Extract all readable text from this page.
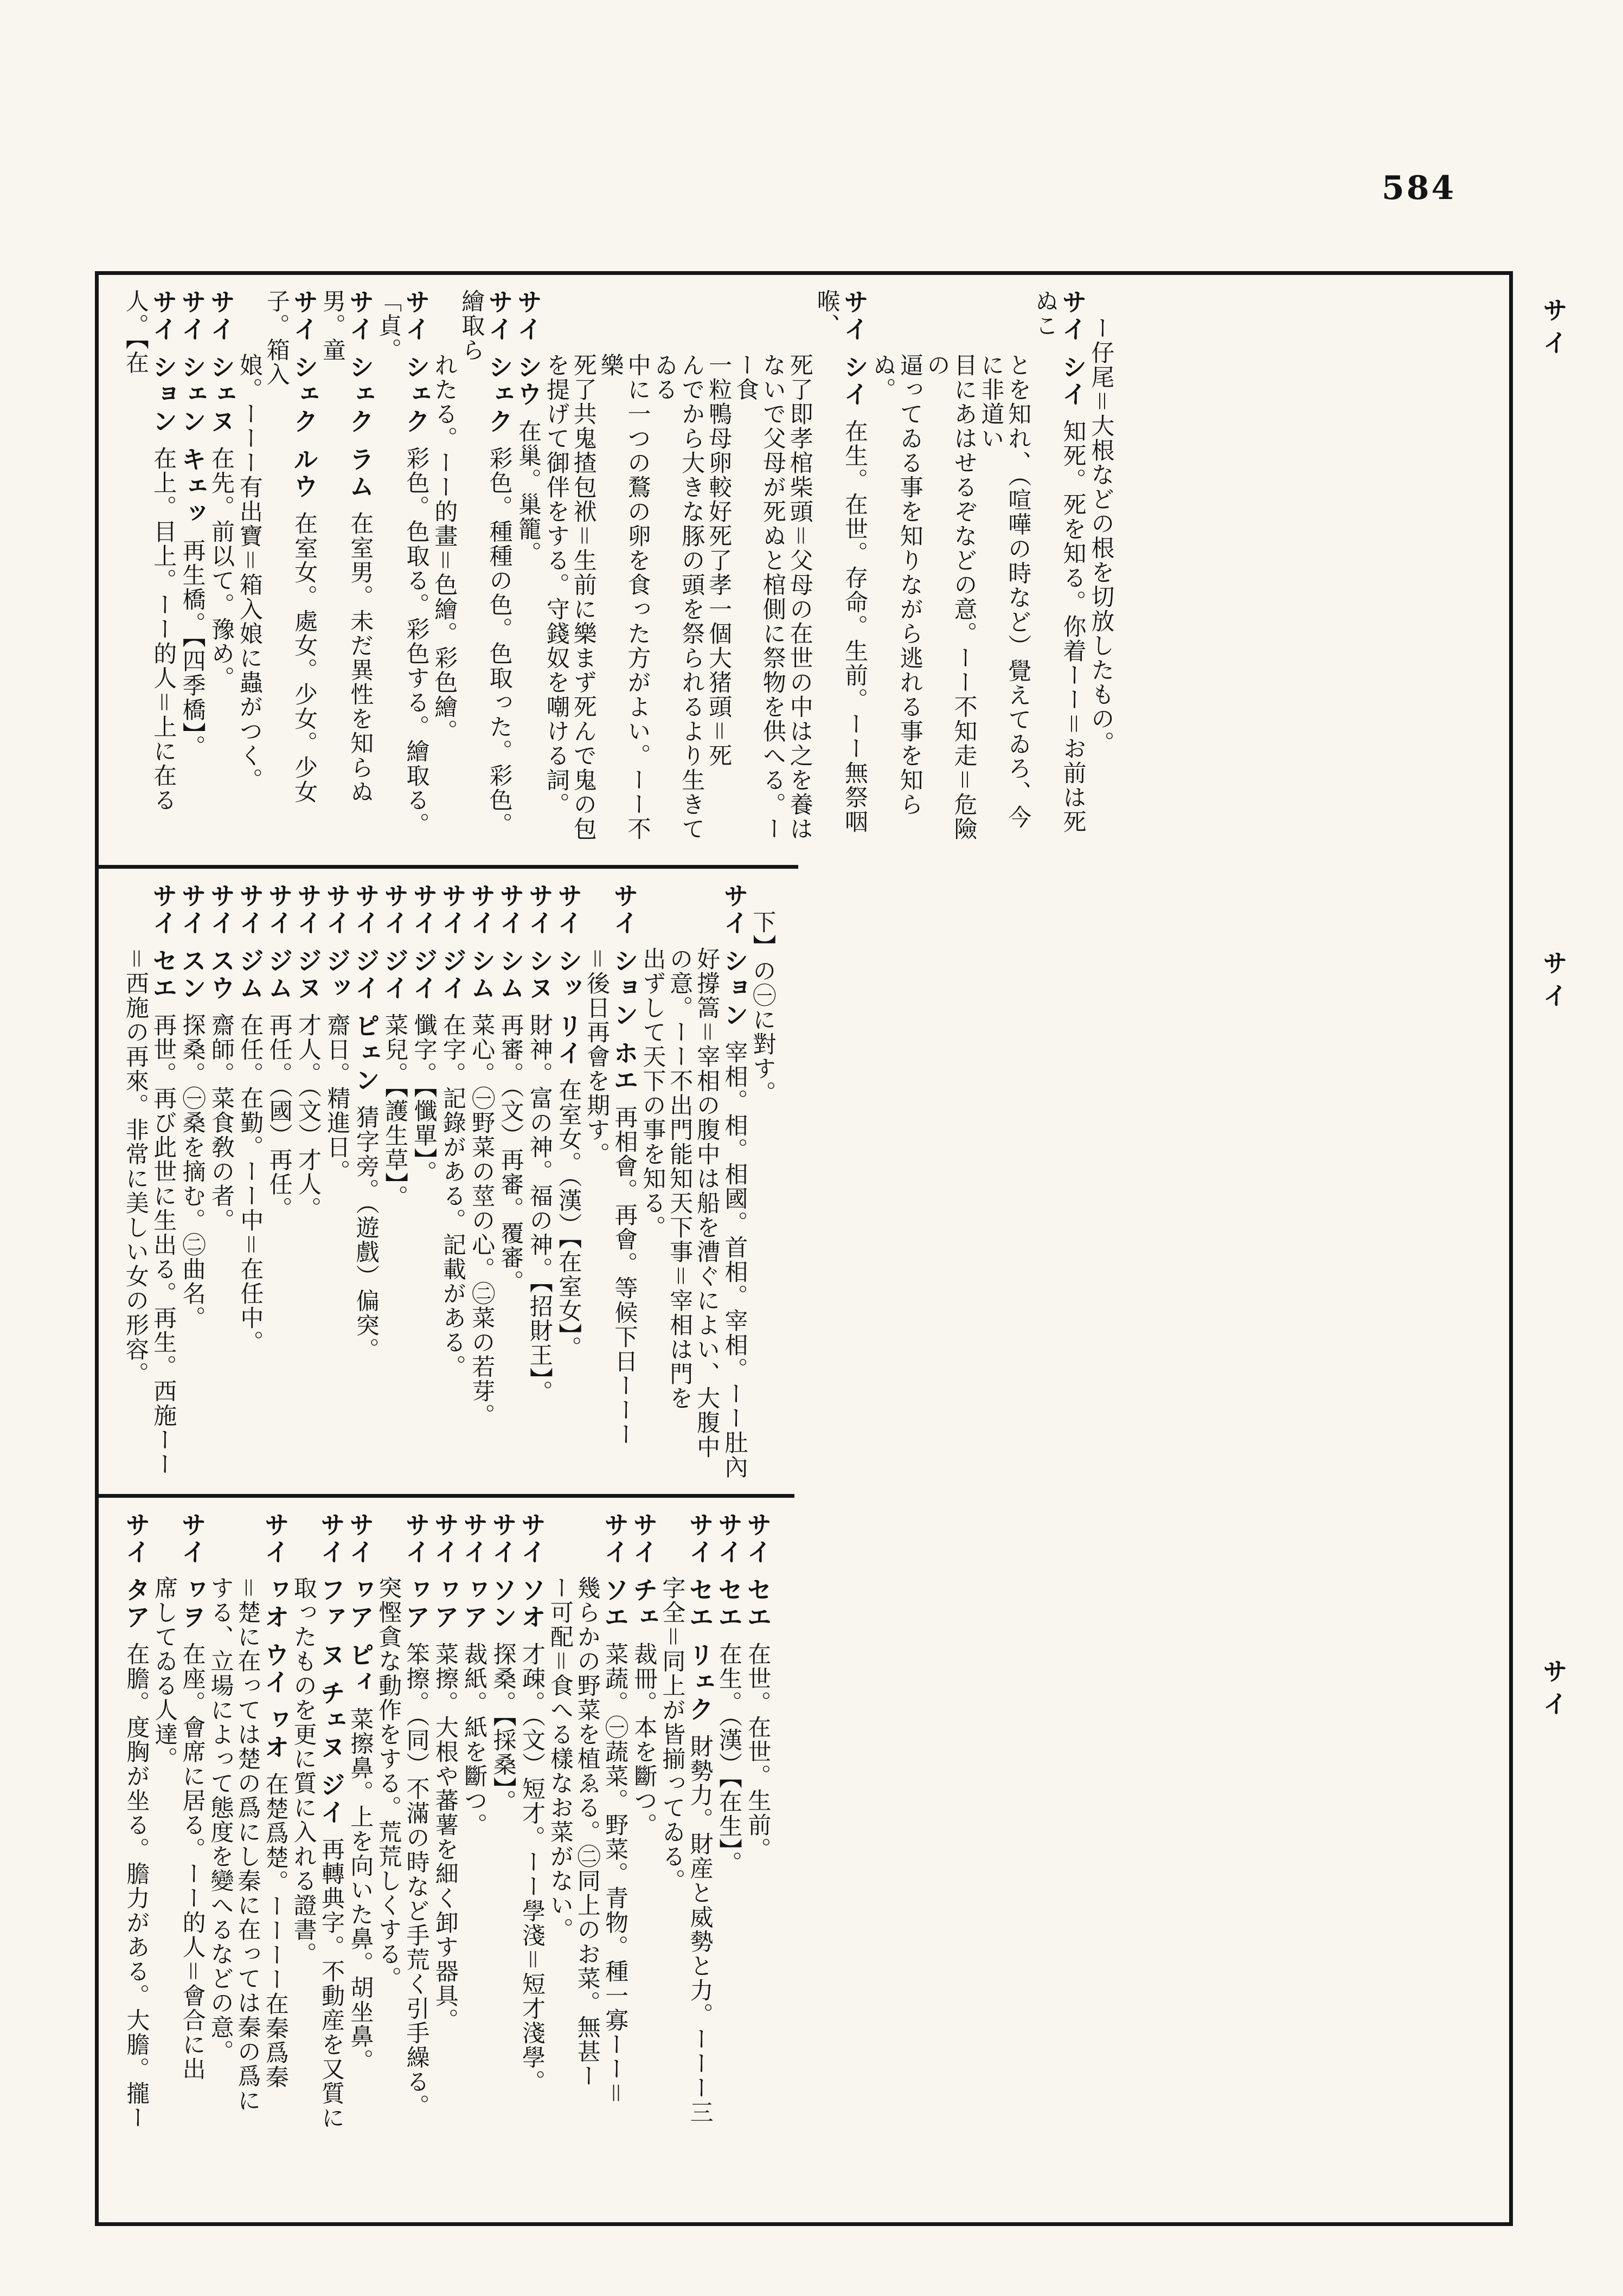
584
サイ
サイ
サイ
ー仔尾＝大根などの根を切放したもの。
サイ シイ知死。死を知る。你着ーー＝お前は死ぬこ
とを知れ、（喧嘩の時など）覺えてゐろ、今に非道い
目にあはせるぞなどの意。ーー不知走＝危險の
逼ってゐる事を知りながら逃れる事を知らぬ。
サイ シイ在生。在世。存命。生前。ーー無祭咽喉、
死了即孝棺柴頭＝父母の在世の中は之を養は
ないで父母が死ぬと棺側に祭物を供へる。ーー食
一粒鴨母卵較好死了孝一個大猪頭＝死
んでから大きな豚の頭を祭られるより生きてゐる
中に一つの鶩の卵を食った方がよい。ーー不樂
死了共鬼揸包袱＝生前に樂まず死んで鬼の包
を提げて御伴をする。守錢奴を嘲ける詞。
サイ シウ在巢。巢籠。
サイ シェク彩色。種種の色。色取った。彩色。繪取ら
れたる。ーー的畫＝色繪。彩色繪。
サイ シェク彩色。色取る。彩色する。繪取る。「貞。
サイ シェク ラム在室男。未だ異性を知らぬ男。童
サイ シェク ルウ在室女。處女。少女。少女子。箱入
娘。ーーー有出寶＝箱入娘に蟲がつく。
サイ シェヌ在先。前以て。豫め。
サイ シェン キェッ再生橋。【四季橋】。
サイ ション在上。目上。ーー的人＝上に在る人。【在
下】の㊀に對す。
サイ ション宰相。相。相國。首相。宰相。ーー肚內
好撐篙＝宰相の腹中は船を漕ぐによい、大腹中
の意。ーー不出門能知天下事＝宰相は門を
出ずして天下の事を知る。
サイ ション ホエ再相會。再會。等候下日ーーー
＝後日再會を期す。
サイ シッ リイ在室女。（漢）【在室女】。
サイ シヌ財神。富の神。福の神。【招財王】。
サイ シム再審。（文）再審。覆審。
サイ シム菜心。㊀野菜の莖の心。㊁菜の若芽。
サイ ジイ在字。記錄がある。記載がある。
サイ ジイ懺字。【懺單】。
サイ ジイ菜兒。【護生草】。
サイ ジイ ピェン猜字旁。（遊戲）偏突。
サイ ジッ齋日。精進日。
サイ ジヌ才人。（文）才人。
サイ ジム再任。（國）再任。
サイ ジム在任。在勤。ーー中＝在任中。
サイ スウ齋師。菜食敎の者。
サイ スン探桑。㊀桑を摘む。㊁曲名。
サイ セエ再世。再び此世に生出る。再生。西施ーー
＝西施の再來。非常に美しい女の形容。
サイ セエ在世。在世。生前。
サイ セエ在生。（漢）【在生】。
サイ セエ リェク財勢力。財産と威勢と力。ーーー三
字全＝同上が皆揃ってゐる。
サイ チェ裁冊。本を斷つ。
サイ ソエ菜蔬。㊀蔬菜。野菜。青物。種一寡ーー＝
幾らかの野菜を植ゑる。㊁同上のお菜。無甚ー
ー可配＝食へる樣なお菜がない。
サイ ソオ才疎。（文）短才。ーー學淺＝短才淺學。
サイ ソン探桑。【採桑】。
サイ ヮア裁紙。紙を斷つ。
サイ ヮア菜擦。大根や蕃薯を細く卸す器具。
サイ ヮア笨擦。（同）不滿の時など手荒く引手繰る。
突慳貪な動作をする。荒荒しくする。
サイ ヮア ピィ菜擦鼻。上を向いた鼻。胡坐鼻。
サイ ファ ヌ チェヌ ジイ再轉典字。不動産を又質に
取ったものを更に質に入れる證書。
サイ ヮオ ウイ ヮオ在楚爲楚。ーーーー在秦爲秦
＝楚に在っては楚の爲にし秦に在っては秦の爲に
する、立場によって態度を變へるなどの意。
サイ ヮヲ在座。會席に居る。ーー的人＝會合に出
席してゐる人達。
サイ タア在膽。度胸が坐る。膽力がある。大膽。攏ー
